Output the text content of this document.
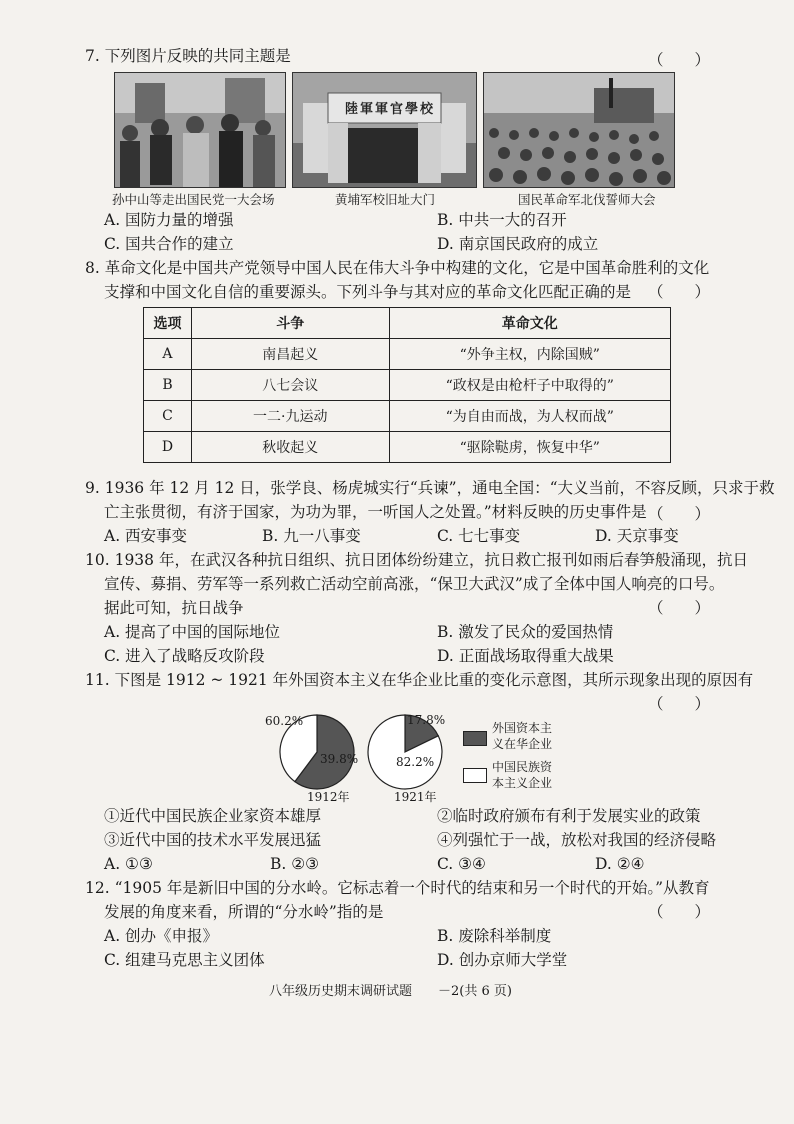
7. 下列图片反映的共同主题是	（　　）
陸軍軍官學校
孙中山等走出国民党一大会场	黄埔军校旧址大门	国民革命军北伐誓师大会
A. 国防力量的增强	B. 中共一大的召开
C. 国共合作的建立	D. 南京国民政府的成立
8. 革命文化是中国共产党领导中国人民在伟大斗争中构建的文化，它是中国革命胜利的文化
支撑和中国文化自信的重要源头。下列斗争与其对应的革命文化匹配正确的是 （　　）
选项	斗争	革命文化
A	南昌起义	“外争主权，内除国贼”
B	八七会议	“政权是由枪杆子中取得的”
C	一二·九运动	“为自由而战，为人权而战”
D	秋收起义	“驱除鞑虏，恢复中华”
9. 1936 年 12 月 12 日，张学良、杨虎城实行“兵谏”，通电全国：“大义当前，不容反顾，只求于救
亡主张贯彻，有济于国家，为功为罪，一听国人之处置。”材料反映的历史事件是 （　　）
A. 西安事变	B. 九一八事变	C. 七七事变	D. 天京事变
10. 1938 年，在武汉各种抗日组织、抗日团体纷纷建立，抗日救亡报刊如雨后春笋般涌现，抗日
宣传、募捐、劳军等一系列救亡活动空前高涨，“保卫大武汉”成了全体中国人响亮的口号。
据此可知，抗日战争	（　　）
A. 提高了中国的国际地位	B. 激发了民众的爱国热情
C. 进入了战略反攻阶段	D. 正面战场取得重大战果
11. 下图是 1912 ~ 1921 年外国资本主义在华企业比重的变化示意图，其所示现象出现的原因有
（　　）
60.2%
39.8%
1912年
17.8%
82.2%
1921年
外国资本主
义在华企业
中国民族资
本主义企业
①近代中国民族企业家资本雄厚	②临时政府颁布有利于发展实业的政策
③近代中国的技术水平发展迅猛	④列强忙于一战，放松对我国的经济侵略
A. ①③	B. ②③	C. ③④	D. ②④
12. “1905 年是新旧中国的分水岭。它标志着一个时代的结束和另一个时代的开始。”从教育
发展的角度来看，所谓的“分水岭”指的是	（　　）
A. 创办《申报》	B. 废除科举制度
C. 组建马克思主义团体	D. 创办京师大学堂
八年级历史期末调研试题 －2(共 6 页)
